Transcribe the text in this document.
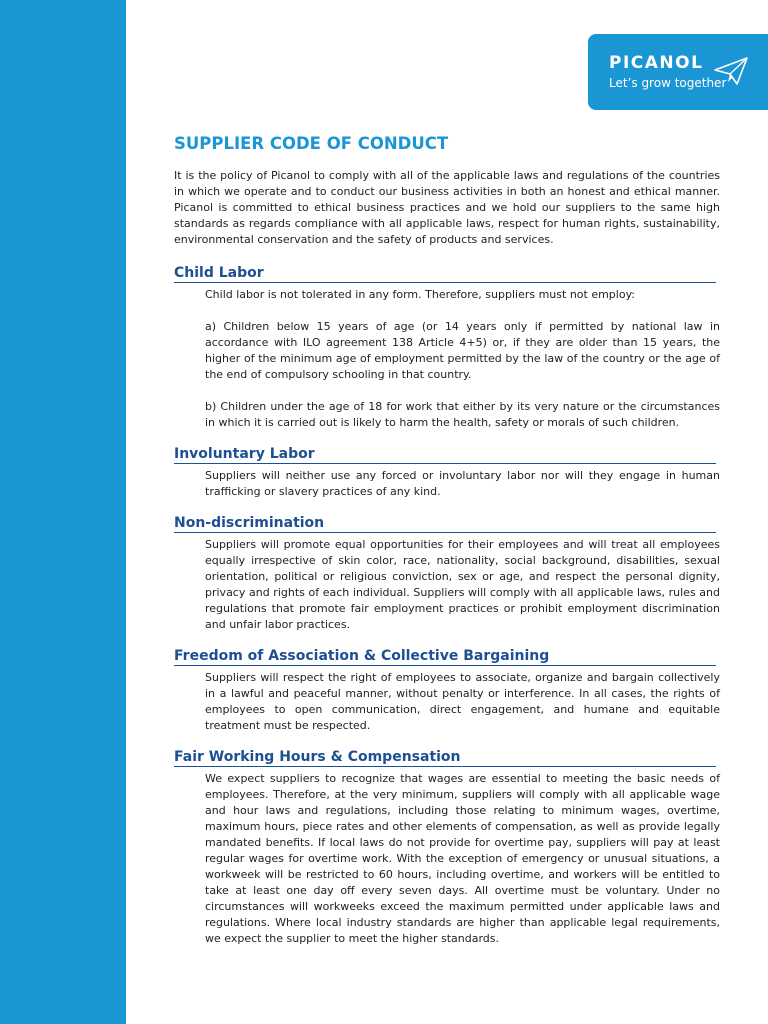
PICANOL
Let’s grow together
SUPPLIER CODE OF CONDUCT

It is the policy of Picanol to comply with all of the applicable laws and regulations of the countries in which we operate and to conduct our business activities in both an honest and ethical manner. Picanol is committed to ethical business practices and we hold our suppliers to the same high standards as regards compliance with all applicable laws, respect for human rights, sustainability, environmental conservation and the safety of products and services.

Child Labor

Child labor is not tolerated in any form. Therefore, suppliers must not employ:

a) Children below 15 years of age (or 14 years only if permitted by national law in accordance with ILO agreement 138 Article 4+5) or, if they are older than 15 years, the higher of the minimum age of employment permitted by the law of the country or the age of the end of compulsory schooling in that country.

b) Children under the age of 18 for work that either by its very nature or the circumstances in which it is carried out is likely to harm the health, safety or morals of such children.

Involuntary Labor

Suppliers will neither use any forced or involuntary labor nor will they engage in human trafficking or slavery practices of any kind.

Non-discrimination

Suppliers will promote equal opportunities for their employees and will treat all employees equally irrespective of skin color, race, nationality, social background, disabilities, sexual orientation, political or religious conviction, sex or age, and respect the personal dignity, privacy and rights of each individual. Suppliers will comply with all applicable laws, rules and regulations that promote fair employment practices or prohibit employment discrimination and unfair labor practices.

Freedom of Association & Collective Bargaining

Suppliers will respect the right of employees to associate, organize and bargain collectively in a lawful and peaceful manner, without penalty or interference. In all cases, the rights of employees to open communication, direct engagement, and humane and equitable treatment must be respected.

Fair Working Hours & Compensation

We expect suppliers to recognize that wages are essential to meeting the basic needs of employees. Therefore, at the very minimum, suppliers will comply with all applicable wage and hour laws and regulations, including those relating to minimum wages, overtime, maximum hours, piece rates and other elements of compensation, as well as provide legally mandated benefits. If local laws do not provide for overtime pay, suppliers will pay at least regular wages for overtime work. With the exception of emergency or unusual situations, a workweek will be restricted to 60 hours, including overtime, and workers will be entitled to take at least one day off every seven days. All overtime must be voluntary. Under no circumstances will workweeks exceed the maximum permitted under applicable laws and regulations. Where local industry standards are higher than applicable legal requirements, we expect the supplier to meet the higher standards.
